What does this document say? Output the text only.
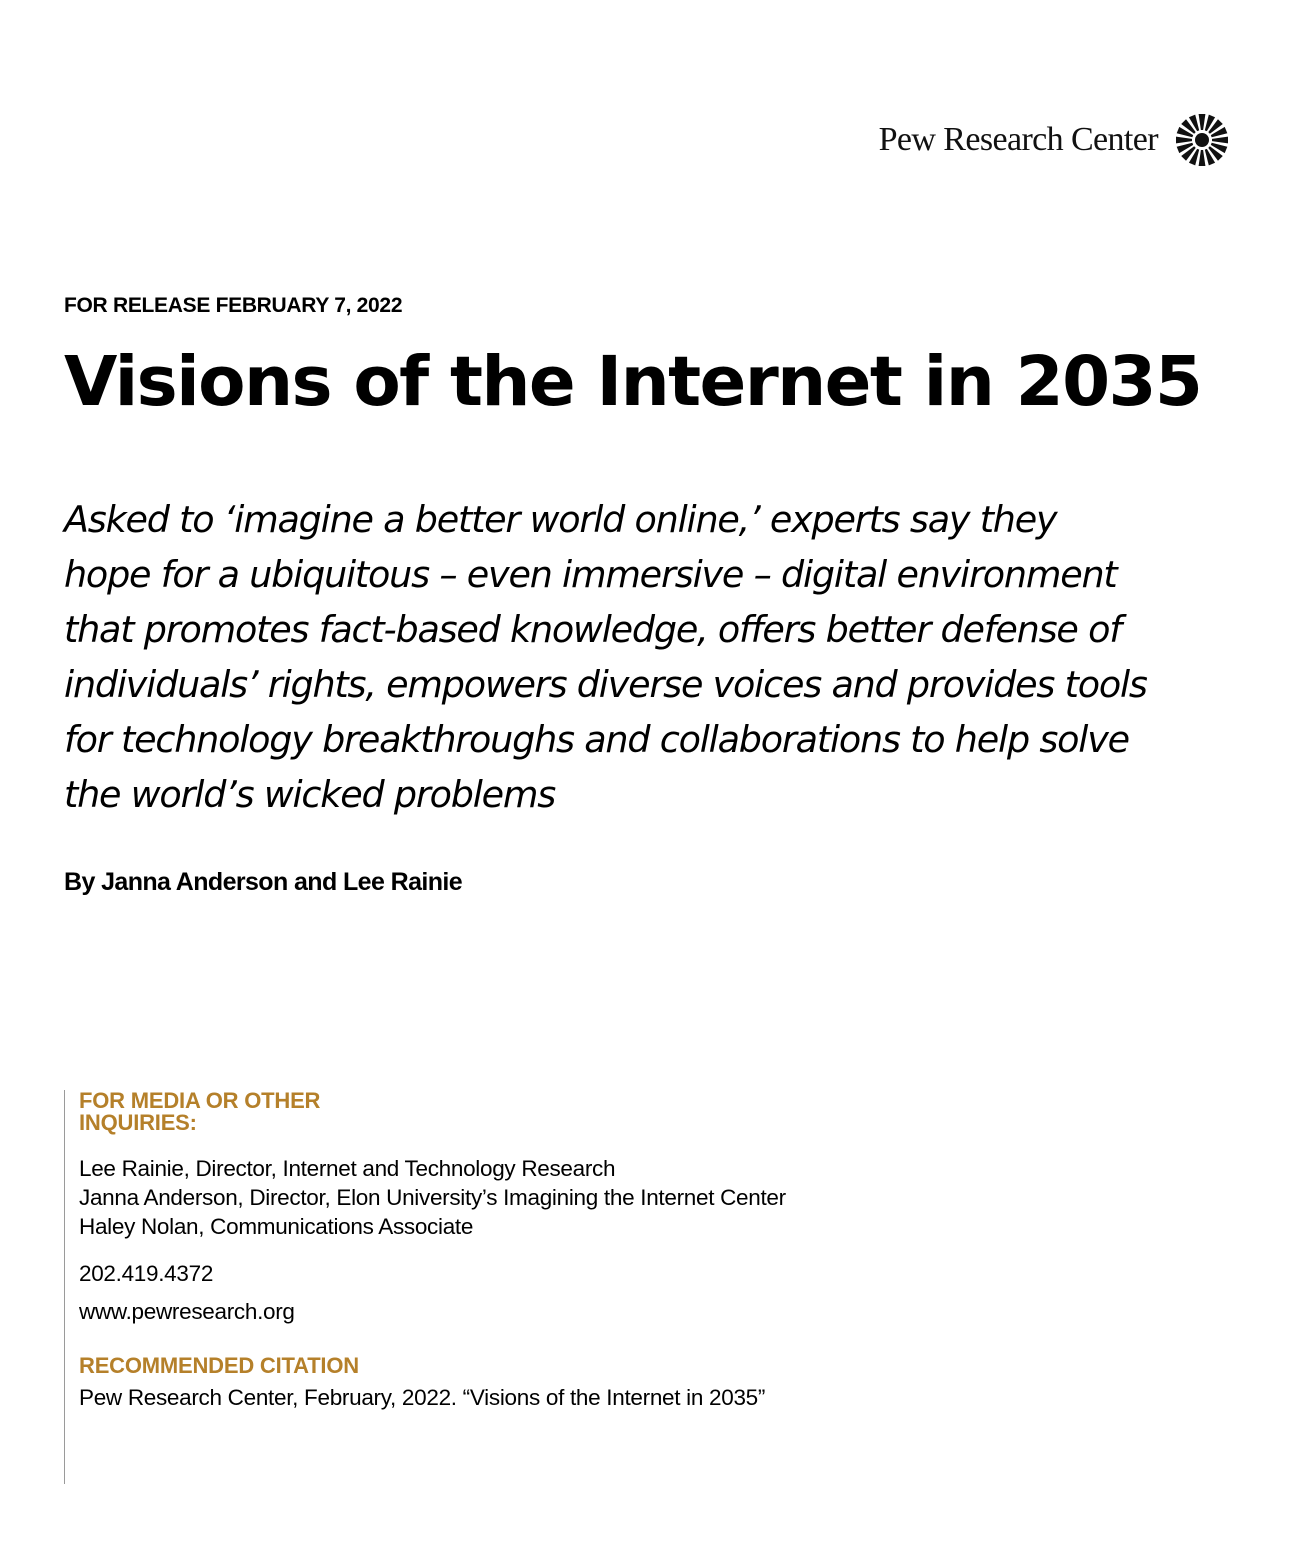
Pew Research Center
FOR RELEASE FEBRUARY 7, 2022
Visions of the Internet in 2035

Asked to ‘imagine a better world online,’ experts say they
hope for a ubiquitous – even immersive – digital environment
that promotes fact-based knowledge, offers better defense of
individuals’ rights, empowers diverse voices and provides tools
for technology breakthroughs and collaborations to help solve
the world’s wicked problems

By Janna Anderson and Lee Rainie
FOR MEDIA OR OTHER
INQUIRIES:
Lee Rainie, Director, Internet and Technology Research
Janna Anderson, Director, Elon University’s Imagining the Internet Center
Haley Nolan, Communications Associate
202.419.4372
www.pewresearch.org
RECOMMENDED CITATION
Pew Research Center, February, 2022. “Visions of the Internet in 2035”
